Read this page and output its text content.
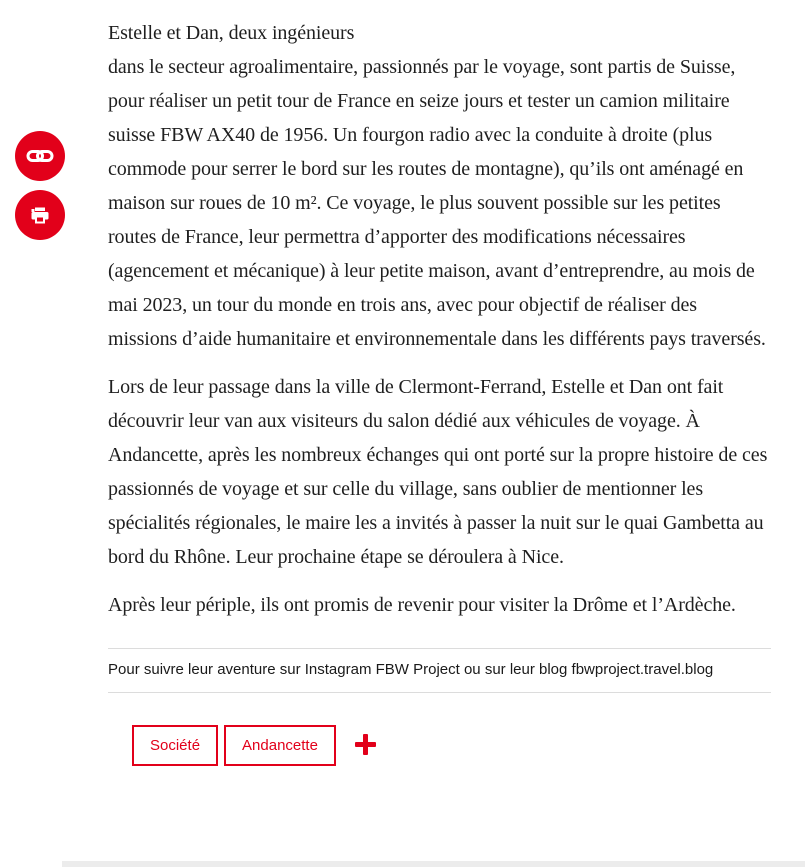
Estelle et Dan, deux ingénieurs
dans le secteur agroalimentaire, passionnés par le voyage, sont partis de Suisse, pour réaliser un petit tour de France en seize jours et tester un camion militaire suisse FBW AX40 de 1956. Un fourgon radio avec la conduite à droite (plus commode pour serrer le bord sur les routes de montagne), qu’ils ont aménagé en maison sur roues de 10 m². Ce voyage, le plus souvent possible sur les petites routes de France, leur permettra d’apporter des modifications nécessaires (agencement et mécanique) à leur petite maison, avant d’entreprendre, au mois de mai 2023, un tour du monde en trois ans, avec pour objectif de réaliser des missions d’aide humanitaire et environnementale dans les différents pays traversés.

Lors de leur passage dans la ville de Clermont-Ferrand, Estelle et Dan ont fait découvrir leur van aux visiteurs du salon dédié aux véhicules de voyage. À Andancette, après les nombreux échanges qui ont porté sur la propre histoire de ces passionnés de voyage et sur celle du village, sans oublier de mentionner les spécialités régionales, le maire les a invités à passer la nuit sur le quai Gambetta au bord du Rhône. Leur prochaine étape se déroulera à Nice.

Après leur périple, ils ont promis de revenir pour visiter la Drôme et l’Ardèche.

Pour suivre leur aventure sur Instagram FBW Project ou sur leur blog fbwproject.travel.blog
Société	Andancette
